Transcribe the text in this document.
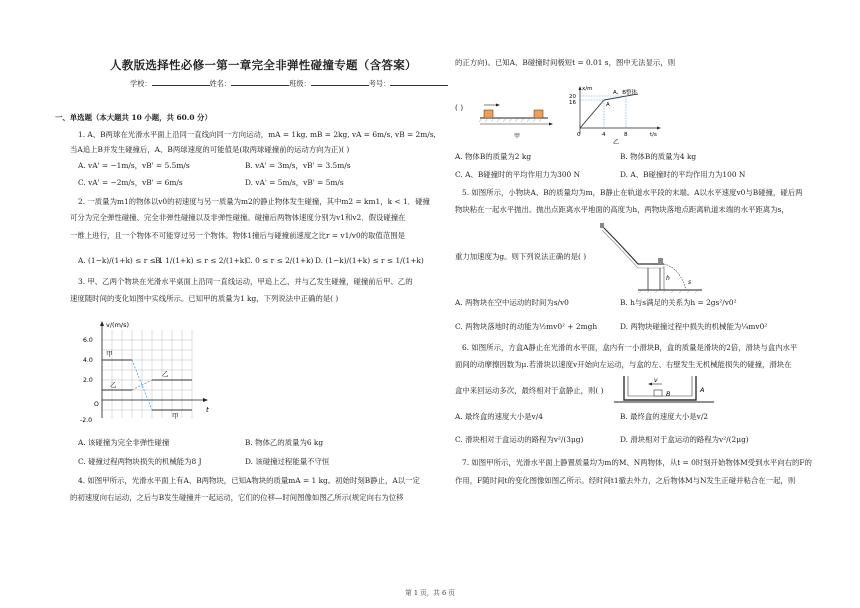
人教版选择性必修一第一章完全非弹性碰撞专题（含答案）
学校：	姓名：	班级：	考号：
一、单选题（本大题共 10 小题，共 60.0 分）
1. A、B两球在光滑水平面上沿同一直线向同一方向运动，mA = 1kg, mB = 2kg, vA = 6m/s, vB = 2m/s,
当A追上B并发生碰撞后，A、B两球速度的可能值是(取两球碰撞前的运动方向为正)( )
A. vA' = −1m/s，vB' = 5.5m/s	B. vA' = 3m/s，vB' = 3.5m/s
C. vA' = −2m/s，vB' = 6m/s	D. vA' = 5m/s，vB' = 5m/s
2. 一质量为m1的物体以v0的初速度与另一质量为m2的静止物体发生碰撞，其中m2 = km1，k < 1．碰撞
可分为完全弹性碰撞、完全非弹性碰撞以及非弹性碰撞。碰撞后两物体速度分别为v1和v2．假设碰撞在
一维上进行，且一个物体不可能穿过另一个物体。物体1撞后与碰撞前速度之比r = v1/v0的取值范围是
A. (1−k)/(1+k) ≤ r ≤ 1
B. 1/(1+k) ≤ r ≤ 2/(1+k)
C. 0 ≤ r ≤ 2/(1+k) D. (1−k)/(1+k) ≤ r ≤ 1/(1+k)
3. 甲、乙两个物块在光滑水平桌面上沿同一直线运动，甲追上乙，并与乙发生碰撞，碰撞前后甲、乙的
速度随时间的变化如图中实线所示。已知甲的质量为1 kg，下列说法中正确的是( )
v/(m/s)
t
6.0
4.0
2.0
O
-2.0
甲
乙
乙
甲
A. 该碰撞为完全非弹性碰撞	B. 物体乙的质量为6 kg
C. 碰撞过程两物块损失的机械能为8 J	D. 该碰撞过程能量不守恒
4. 如图甲所示，光滑水平面上有A、B两物块，已知A物块的质量mA = 1 kg。初始时刻B静止，A以一定
的初速度向右运动，之后与B发生碰撞并一起运动，它们的位移—时间图像如图乙所示(规定向右为位移
的正方向)。已知A、B碰撞时间极短t = 0.01 s，图中无法显示，则
( )
甲
x/m
t/s
20
16
0	4	8
A、B整体
A
乙
A. 物体B的质量为2 kg	B. 物体B的质量为4 kg
C. A、B碰撞时的平均作用力为300 N	D. A、B碰撞时的平均作用力为100 N
5. 如图所示，小物块A、B的质量均为m，B静止在轨道水平段的末端。A以水平速度v0与B碰撞，碰后两
物块粘在一起水平抛出。抛出点距离水平地面的高度为h，两物块落地点距离轨道末端的水平距离为s，
重力加速度为g。则下列说法正确的是( )
h
s
A. 两物块在空中运动的时间为s/v0	B. h与s满足的关系为h = 2gs²/v0²
C. 两物块落地时的动能为½mv0² + 2mgh	D. 两物块碰撞过程中损失的机械能为¼mv0²
6. 如图所示，方盒A静止在光滑的水平面，盒内有一小滑块B，盒的质量是滑块的2倍，滑块与盒内水平
面间的动摩擦因数为μ.若滑块以速度v开始向左运动，与盒的左、右壁发生无机械能损失的碰撞，滑块在
盒中来回运动多次，最终相对于盒静止，则( )
v
A
B
A. 最终盒的速度大小是v/4	B. 最终盒的速度大小是v/2
C. 滑块相对于盒运动的路程为v²/(3μg)	D. 滑块相对于盒运动的路程为v²/(2μg)
7. 如图甲所示，光滑水平面上静置质量均为m的M、N两物体，从t = 0时刻开始物体M受到水平向右的F的
作用，F随时间t的变化图像如图乙所示。经时间t1撤去外力，之后物体M与N发生正碰并粘合在一起，则
第 1 页，共 6 页
